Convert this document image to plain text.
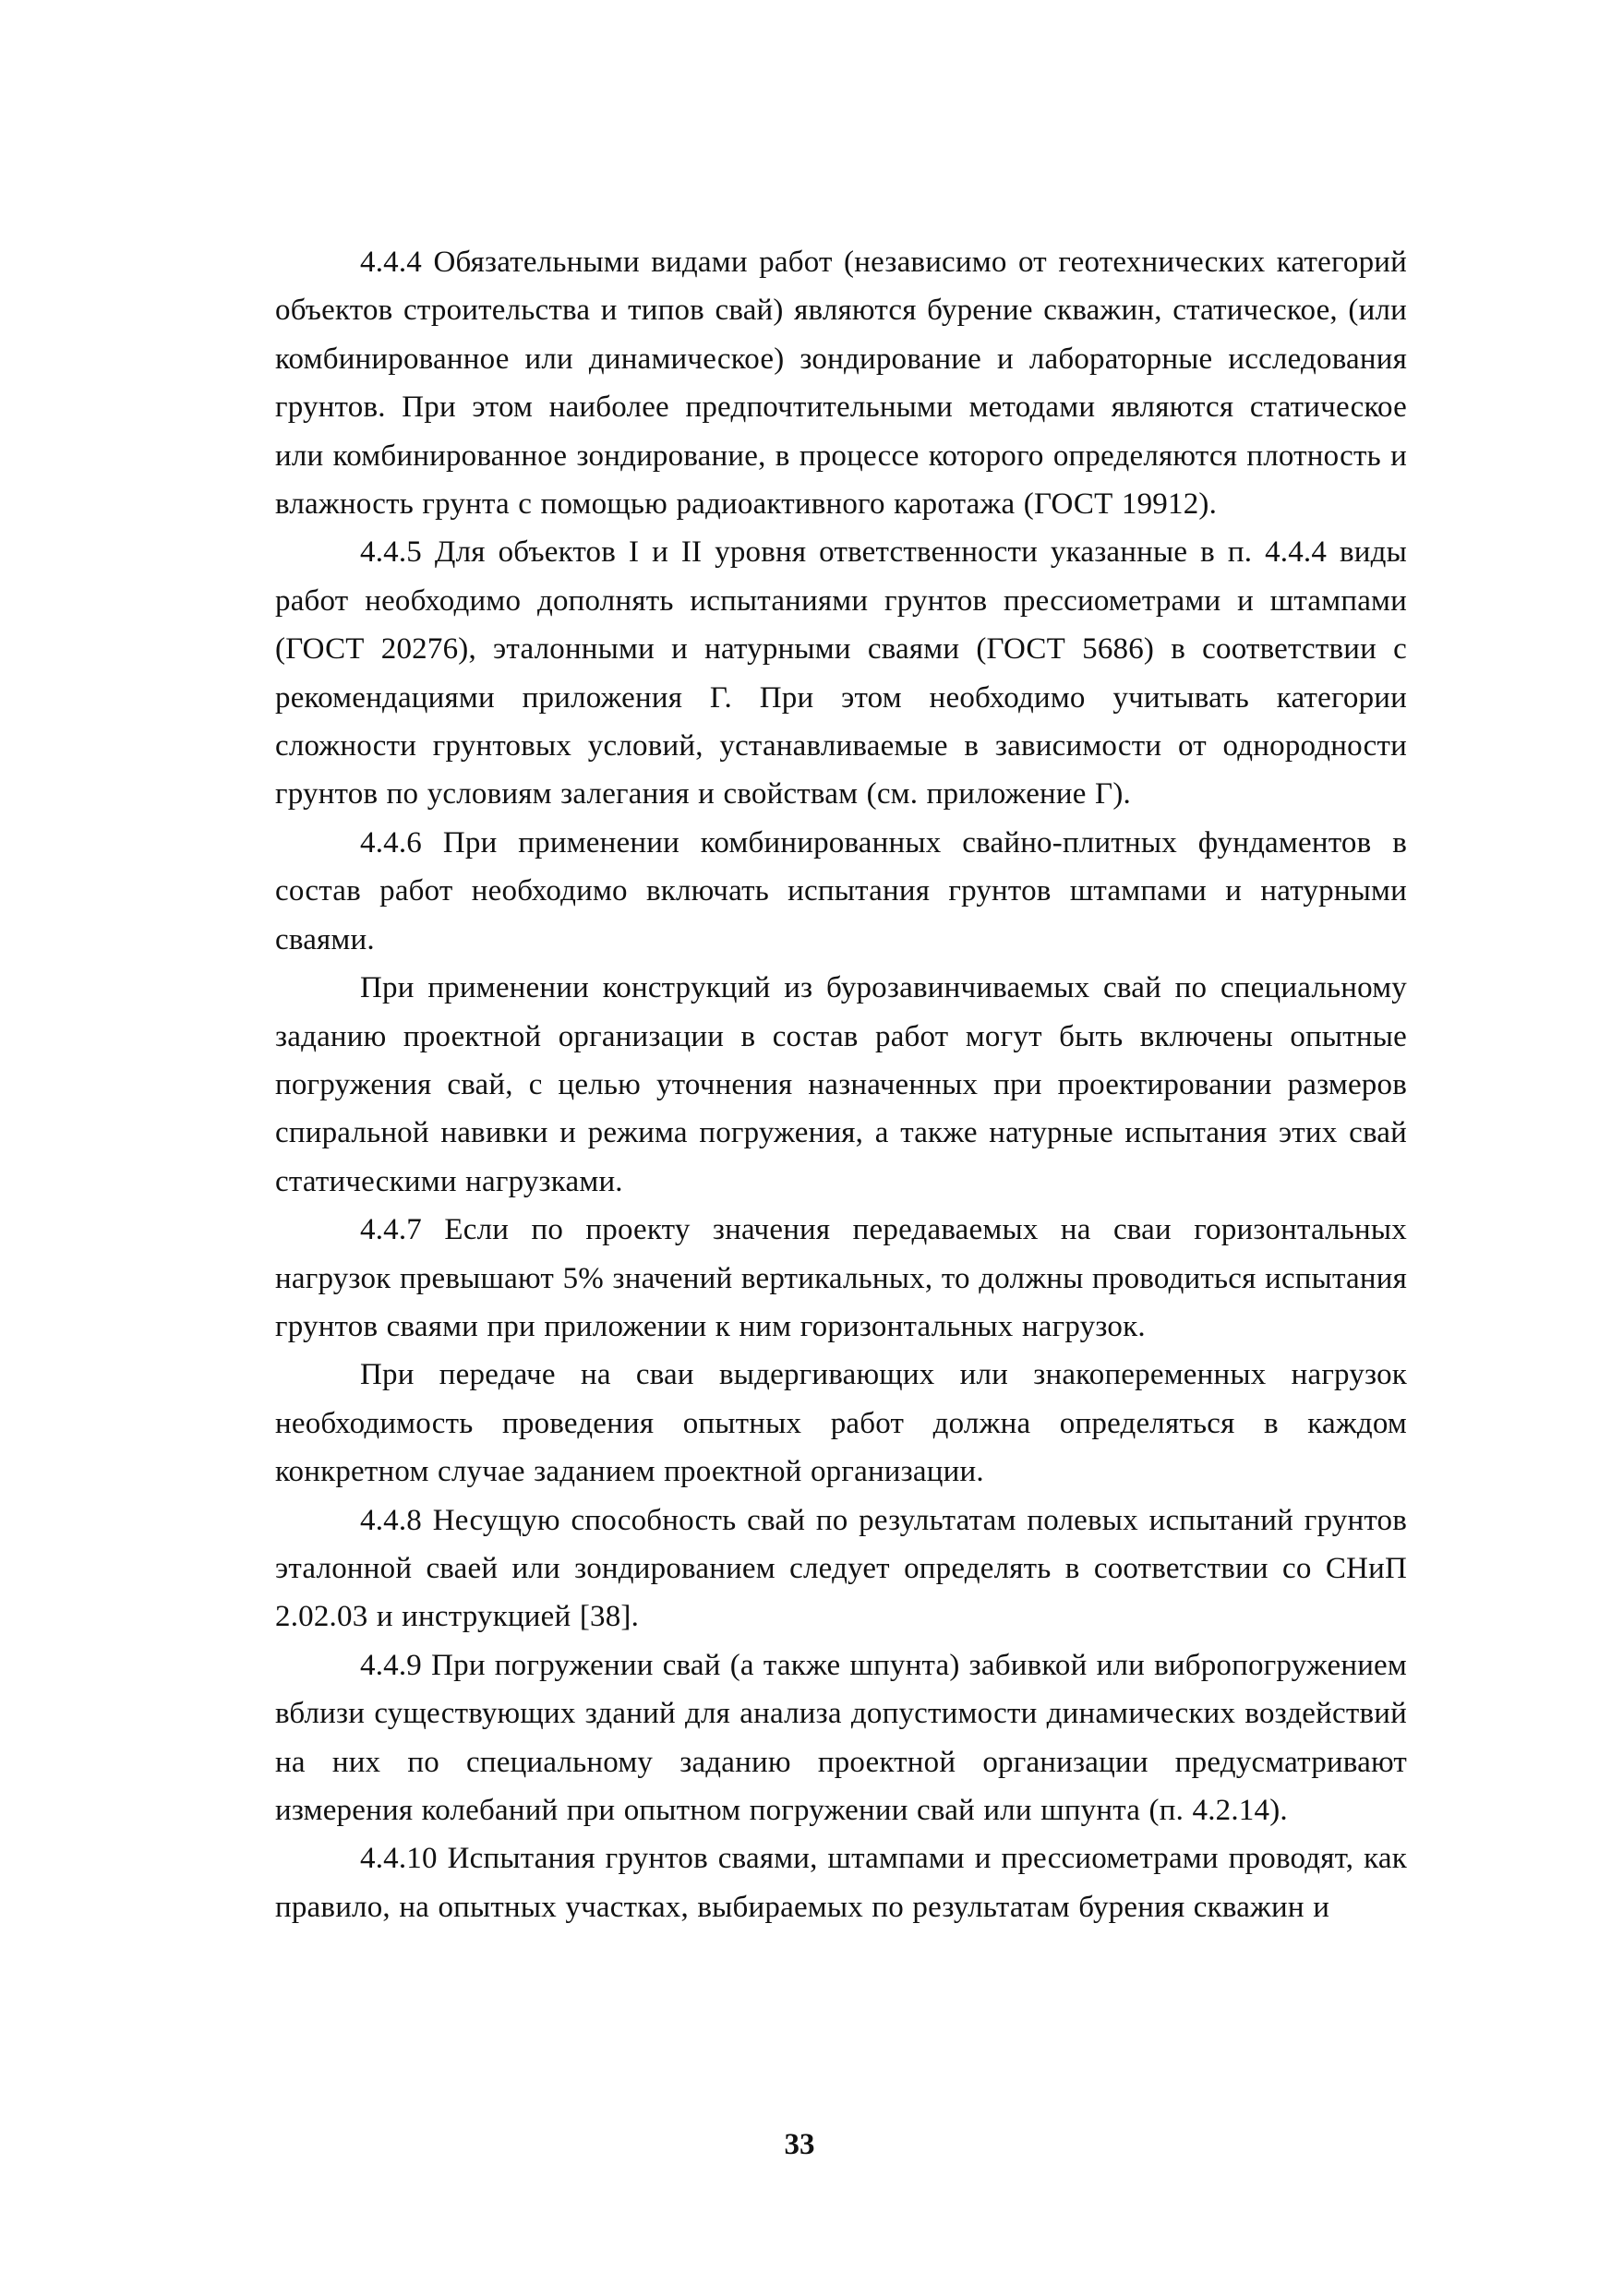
4.4.4 Обязательными видами работ (независимо от геотехнических категорий объектов строительства и типов свай) являются бурение скважин, статическое, (или комбинированное или динамическое) зондирование и лабораторные исследования грунтов. При этом наиболее предпочтительными методами являются статическое или комбинированное зондирование, в процессе которого определяются плотность и влажность грунта с помощью радиоактивного каротажа (ГОСТ 19912).

4.4.5 Для объектов I и II уровня ответственности указанные в п. 4.4.4 виды работ необходимо дополнять испытаниями грунтов прессиометрами и штампами (ГОСТ 20276), эталонными и натурными сваями (ГОСТ 5686) в соответствии с рекомендациями приложения Г. При этом необходимо учитывать категории сложности грунтовых условий, устанавливаемые в зависимости от однородности грунтов по условиям залегания и свойствам (см. приложение Г).

4.4.6 При применении комбинированных свайно-плитных фундаментов в состав работ необходимо включать испытания грунтов штампами и натурными сваями.

При применении конструкций из бурозавинчиваемых свай по специальному заданию проектной организации в состав работ могут быть включены опытные погружения свай, с целью уточнения назначенных при проектировании размеров спиральной навивки и режима погружения, а также натурные испытания этих свай статическими нагрузками.

4.4.7 Если по проекту значения передаваемых на сваи горизонтальных нагрузок превышают 5% значений вертикальных, то должны проводиться испытания грунтов сваями при приложении к ним горизонтальных нагрузок.

При передаче на сваи выдергивающих или знакопеременных нагрузок необходимость проведения опытных работ должна определяться в каждом конкретном случае заданием проектной организации.

4.4.8 Несущую способность свай по результатам полевых испытаний грунтов эталонной сваей или зондированием следует определять в соответствии со СНиП 2.02.03 и инструкцией [38].

4.4.9 При погружении свай (а также шпунта) забивкой или вибропогружением вблизи существующих зданий для анализа допустимости динамических воздействий на них по специальному заданию проектной организации предусматривают измерения колебаний при опытном погружении свай или шпунта (п. 4.2.14).

4.4.10 Испытания грунтов сваями, штампами и прессиометрами проводят, как правило, на опытных участках, выбираемых по результатам бурения скважин и

33
